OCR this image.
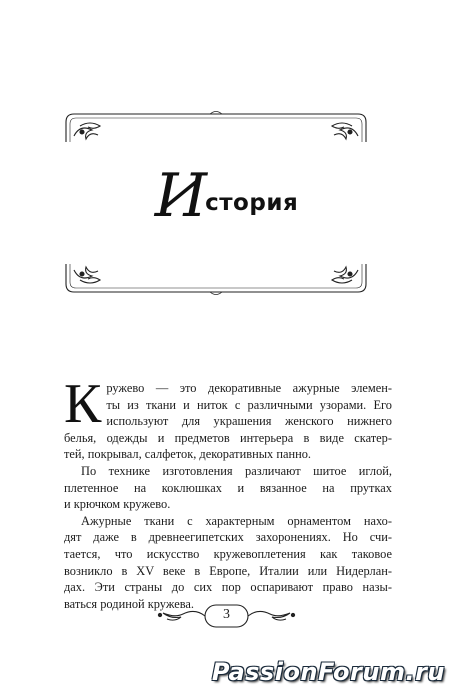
История
К ружево — это декоративные ажурные элемен-
ты из ткани и ниток с различными узорами. Его
используют для украшения женского нижнего
белья, одежды и предметов интерьера в виде скатер-
тей, покрывал, салфеток, декоративных панно.
По технике изготовления различают шитое иглой,
плетенное на коклюшках и вязанное на прутках
и крючком кружево.
Ажурные ткани с характерным орнаментом нахо-
дят даже в древнеегипетских захоронениях. Но счи-
тается, что искусство кружевоплетения как таковое
возникло в XV веке в Европе, Италии или Нидерлан-
дах. Эти страны до сих пор оспаривают право назы-
ваться родиной кружева.
3
PassionForum.ru
